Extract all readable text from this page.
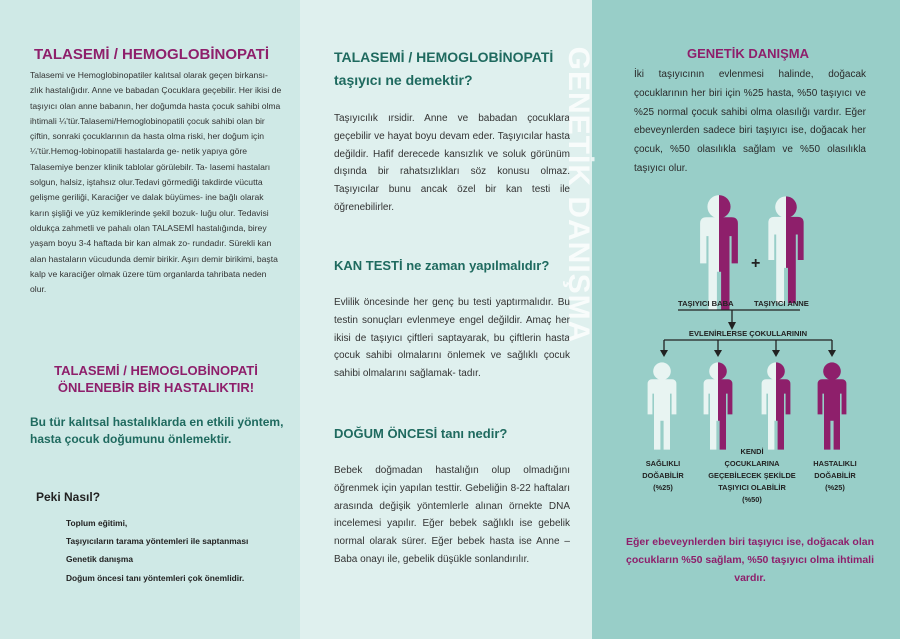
TALASEMİ / HEMOGLOBİNOPATİ

Talasemi ve Hemoglobinopatiler kalıtsal olarak geçen birkansı- zlık hastalığıdır. Anne ve babadan Çocuklara geçebilir. Her ikisi de taşıyıcı olan anne babanın, her doğumda hasta çocuk sahibi olma ihtimali ¼'tür.Talasemi/Hemoglobinopatili çocuk sahibi olan bir çiftin, sonraki çocuklarının da hasta olma riski, her doğum için ¼'tür.Hemog-lobinopatili hastalarda ge- netik yapıya göre Talasemiye benzer klinik tablolar görülebilr. Ta- lasemi hastaları solgun, halsiz, iştahsız olur.Tedavi görmediği takdirde vücutta gelişme geriliği, Karaciğer ve dalak büyümes- ine bağlı olarak karın şişliği ve yüz kemiklerinde şekil bozuk- luğu olur. Tedavisi oldukça zahmetli ve pahalı olan TALASEMİ hastalığında, birey yaşam boyu 3-4 haftada bir kan almak zo- rundadır. Sürekli kan alan hastaların vücudunda demir birikir. Aşırı demir birikimi, başta kalp ve karaciğer olmak üzere tüm organlarda tahribata neden olur.

TALASEMİ / HEMOGLOBİNOPATİ
ÖNLENEBİR BİR HASTALIKTIR!

Bu tür kalıtsal hastalıklarda en etkili yöntem, hasta çocuk doğumunu önlemektir.

Peki Nasıl?
Toplum eğitimi,
Taşıyıcıların tarama yöntemleri ile saptanması
Genetik danışma
Doğum öncesi tanı yöntemleri çok önemlidir.
TALASEMİ / HEMOGLOBİNOPATİ
taşıyıcı ne demektir?

Taşıyıcılık ırsidir. Anne ve babadan çocuklara geçebilir ve hayat boyu devam eder. Taşıyıcılar hasta değildir. Hafif derecede kansızlık ve soluk görünüm dışında bir rahatsızlıkları söz konusu olmaz. Taşıyıcılar bunu ancak özel bir kan testi ile öğrenebilirler.

KAN TESTİ ne zaman yapılmalıdır?

Evlilik öncesinde her genç bu testi yaptırmalıdır. Bu testin sonuçları evlenmeye engel değildir. Amaç her ikisi de taşıyıcı çiftleri saptayarak, bu çiftlerin hasta çocuk sahibi olmalarını önlemek ve sağlıklı çocuk sahibi olmalarını sağlamak- tadır.

DOĞUM ÖNCESİ tanı nedir?

Bebek doğmadan hastalığın olup olmadığını öğrenmek için yapılan testtir. Gebeliğin 8-22 haftaları arasında değişik yöntemlerle alınan örnekte DNA incelemesi yapılır. Eğer bebek sağlıklı ise gebelik normal olarak sürer. Eğer bebek hasta ise Anne – Baba onayı ile, gebelik düşükle sonlandırılır.

GENETİK DANIŞMA	GENETİK DANIŞMA

İki taşıyıcının evlenmesi halinde, doğacak çocuklarının her biri için %25 hasta, %50 taşıyıcı ve %25 normal çocuk sahibi olma olasılığı vardır. Eğer ebeveynlerden sadece biri taşıyıcı ise, doğacak her çocuk, %50 olasılıkla sağlam ve %50 olasılıkla taşıyıcı olur.

+
TAŞIYICI BABA	TAŞIYICI ANNE
EVLENİRLERSE ÇOKULLARININ
SAĞLIKLI
DOĞABİLİR
(%25)
KENDİ
ÇOCUKLARINA
GEÇEBİLECEK ŞEKİLDE
TAŞIYICI OLABİLİR
(%50)
HASTALIKLI
DOĞABİLİR
(%25)

Eğer ebeveynlerden biri taşıyıcı ise, doğacak olan çocukların %50 sağlam, %50 taşıyıcı olma ihtimali vardır.
